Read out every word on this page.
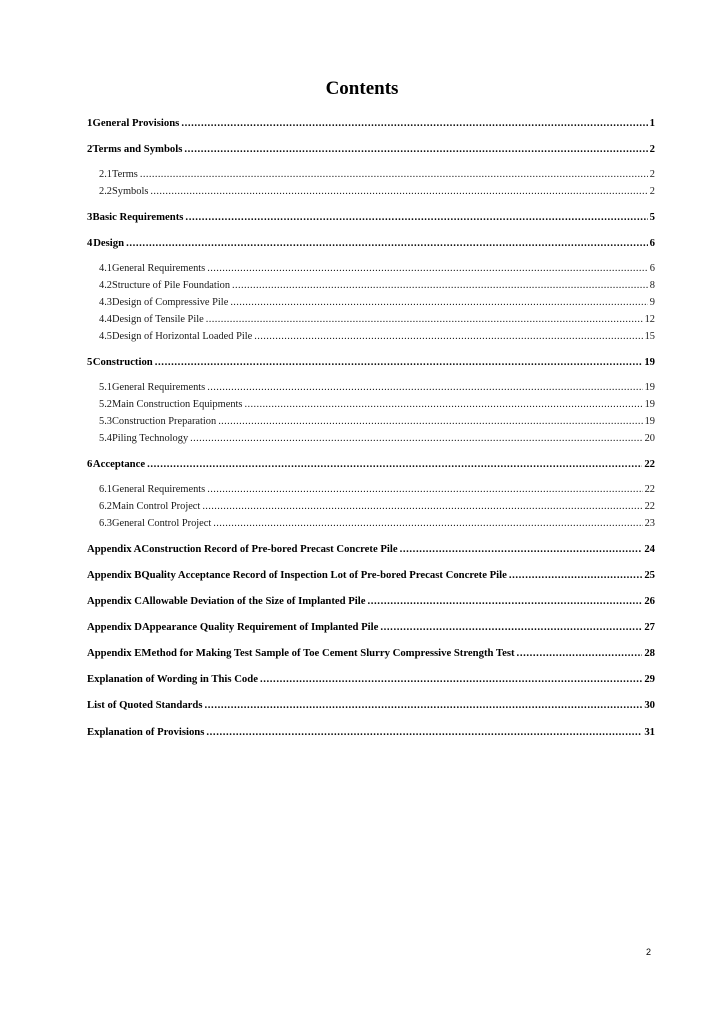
Contents
1 General Provisions .....	1
2 Terms and Symbols .....	2
2.1 Terms .....	2
2.2 Symbols .....	2
3 Basic Requirements .....	5
4 Design .....	6
4.1 General Requirements .....	6
4.2 Structure of Pile Foundation .....	8
4.3 Design of Compressive Pile .....	9
4.4 Design of Tensile Pile .....	12
4.5 Design of Horizontal Loaded Pile .....	15
5 Construction .....	19
5.1 General Requirements .....	19
5.2 Main Construction Equipments .....	19
5.3 Construction Preparation .....	19
5.4 Piling Technology .....	20
6 Acceptance .....	22
6.1 General Requirements .....	22
6.2 Main Control Project .....	22
6.3 General Control Project .....	23
Appendix A Construction Record of Pre-bored Precast Concrete Pile .....	24
Appendix B Quality Acceptance Record of Inspection Lot of Pre-bored Precast Concrete Pile .....	25
Appendix C Allowable Deviation of the Size of Implanted Pile .....	26
Appendix D Appearance Quality Requirement of Implanted Pile .....	27
Appendix E Method for Making Test Sample of Toe Cement Slurry Compressive Strength Test .....	28
Explanation of Wording in This Code .....	29
List of Quoted Standards .....	30
Explanation of Provisions .....	31
2
